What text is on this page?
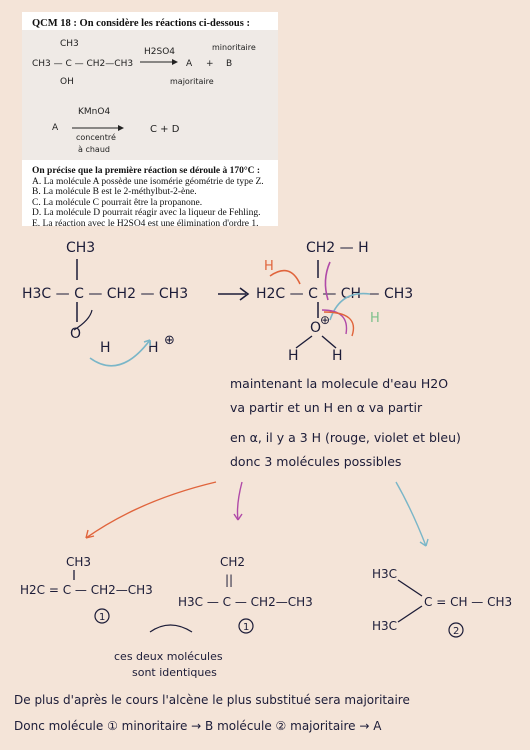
QCM 18 : On considère les réactions ci-dessous :
CH3
CH3 — C — CH2—CH3
OH
H2SO4
A + B
minoritaire
majoritaire
A
KMnO4
concentré
à chaud
C + D
On précise que la première réaction se déroule à 170°C :
A. La molécule A possède une isomérie géométrie de type Z.
B. La molécule B est le 2-méthylbut-2-ène.
C. La molécule C pourrait être la propanone.
D. La molécule D pourrait réagir avec la liqueur de Fehling.
E. La réaction avec le H2SO4 est une élimination d'ordre 1.
CH3
H3C — C — CH2 — CH3
O
H	H ⊕
CH2 — H
H
H2C — C — CH — CH3
H
O
⊕
H H
maintenant la molecule d'eau H2O
va partir et un H en α va partir
en α, il y a 3 H (rouge, violet et bleu)
donc 3 molécules possibles
CH3
H2C = C — CH2—CH3
1
CH2
||
H3C — C — CH2—CH3
1
H3C
H3C
C = CH — CH3
2
ces deux molécules
sont identiques
De plus d'après le cours l'alcène le plus substitué sera majoritaire
Donc molécule ① minoritaire → B molécule ② majoritaire → A
